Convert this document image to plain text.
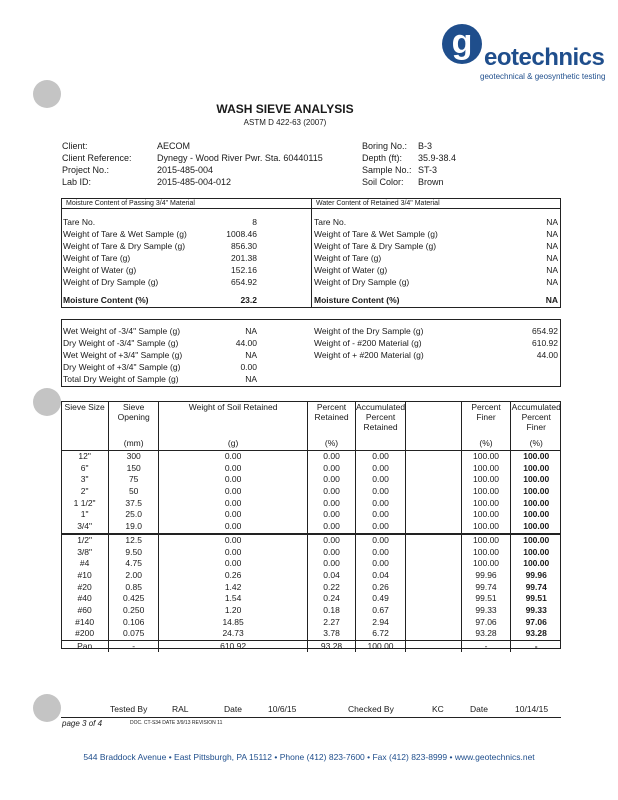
g eotechnics
geotechnical & geosynthetic testing
WASH SIEVE ANALYSIS
ASTM D 422-63 (2007)
Client:	AECOM
Client Reference:	Dynegy - Wood River Pwr. Sta. 60440115
Project No.:	2015-485-004
Lab ID:	2015-485-004-012
Boring No.: B-3
Depth (ft): 35.9-38.4
Sample No.: ST-3
Soil Color: Brown
Moisture Content of Passing 3/4" Material	Water Content of Retained 3/4" Material
Tare No.	8
Weight of Tare & Wet Sample (g)	1008.46
Weight of Tare & Dry Sample (g)	856.30
Weight of Tare (g)	201.38
Weight of Water (g)	152.16
Weight of Dry Sample (g)	654.92
Moisture Content (%)	23.2
Tare No.	NA
Weight of Tare & Wet Sample (g)	NA
Weight of Tare & Dry Sample (g)	NA
Weight of Tare (g)	NA
Weight of Water (g)	NA
Weight of Dry Sample (g)	NA
Moisture Content (%)	NA
Wet Weight of -3/4" Sample (g)	NA
Dry Weight of -3/4" Sample (g)	44.00
Wet Weight of +3/4" Sample (g)	NA
Dry Weight of +3/4" Sample (g)	0.00
Total Dry Weight of Sample (g)	NA
Weight of the Dry Sample (g)	654.92
Weight of - #200 Material (g)	610.92
Weight of + #200 Material (g)	44.00
Sieve Size	Sieve Opening	Weight of Soil Retained	Percent Retained	Accumulated Percent Retained		Percent Finer	Accumulated Percent Finer
	(mm)	(g)	(%)			(%)	(%)
12"	300	0.00	0.00	0.00		100.00	100.00
6"	150	0.00	0.00	0.00		100.00	100.00
3"	75	0.00	0.00	0.00		100.00	100.00
2"	50	0.00	0.00	0.00		100.00	100.00
1 1/2"	37.5	0.00	0.00	0.00		100.00	100.00
1"	25.0	0.00	0.00	0.00		100.00	100.00
3/4"	19.0	0.00	0.00	0.00		100.00	100.00
1/2"	12.5	0.00	0.00	0.00		100.00	100.00
3/8"	9.50	0.00	0.00	0.00		100.00	100.00
#4	4.75	0.00	0.00	0.00		100.00	100.00
#10	2.00	0.26	0.04	0.04		99.96	99.96
#20	0.85	1.42	0.22	0.26		99.74	99.74
#40	0.425	1.54	0.24	0.49		99.51	99.51
#60	0.250	1.20	0.18	0.67		99.33	99.33
#140	0.106	14.85	2.27	2.94		97.06	97.06
#200	0.075	24.73	3.78	6.72		93.28	93.28
Pan	-	610.92	93.28	100.00		-	-
Tested By	RAL	Date	10/6/15	Checked By	KC	Date	10/14/15
page 3 of 4	DOC. CT-S34 DATE 3/9/13 REVISION 11
544 Braddock Avenue • East Pittsburgh, PA 15112 • Phone (412) 823-7600 • Fax (412) 823-8999 • www.geotechnics.net
